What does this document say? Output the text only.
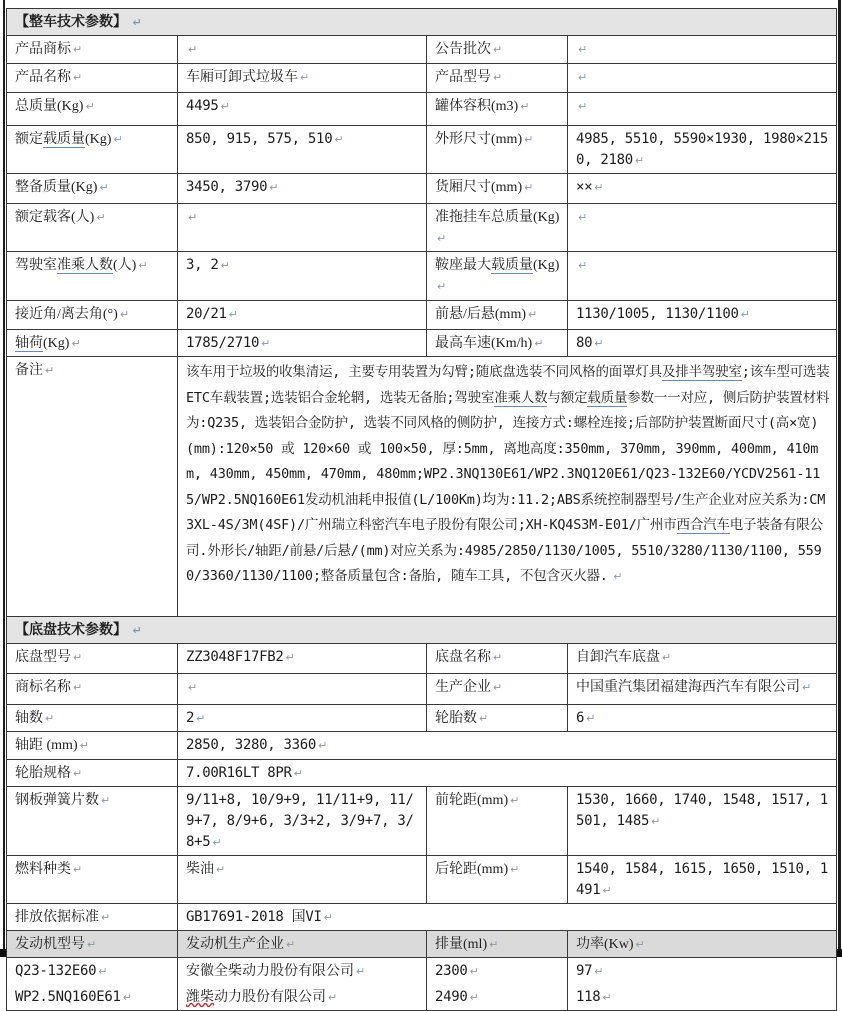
【整车技术参数】 ↵			
产品商标 ↵	↵	公告批次 ↵	↵
产品名称 ↵	车厢可卸式垃圾车 ↵	产品型号 ↵	↵
总质量(Kg) ↵	4495 ↵	罐体容积(m3) ↵	↵
额定载质量(Kg) ↵	850, 915, 575, 510 ↵	外形尺寸(mm) ↵	4985, 5510, 5590×1930, 1980×2150, 2180 ↵
整备质量(Kg) ↵	3450, 3790 ↵	货厢尺寸(mm) ↵	×× ↵
额定载客(人) ↵	↵	准拖挂车总质量(Kg)↵	↵
驾驶室准乘人数(人) ↵	3, 2 ↵	鞍座最大载质量(Kg)↵	↵
接近角/离去角(°) ↵	20/21 ↵	前悬/后悬(mm) ↵	1130/1005, 1130/1100 ↵
轴荷(Kg) ↵	1785/2710 ↵	最高车速(Km/h) ↵	80 ↵
备注 ↵	该车用于垃圾的收集清运, 主要专用装置为勾臂;随底盘选装不同风格的面罩灯具及排半驾驶室;该车型可选装ETC车载装置;选装铝合金轮辋, 选装无备胎;驾驶室准乘人数与额定载质量参数一一对应, 侧后防护装置材料为:Q235, 选装铝合金防护, 选装不同风格的侧防护, 连接方式:螺栓连接;后部防护装置断面尺寸(高×宽)(mm):120×50 或 120×60 或 100×50, 厚:5mm, 离地高度:350mm, 370mm, 390mm, 400mm, 410mm, 430mm, 450mm, 470mm, 480mm;WP2.3NQ130E61/WP2.3NQ120E61/Q23-132E60/YCDV2561-115/WP2.5NQ160E61发动机油耗申报值(L/100Km)均为:11.2;ABS系统控制器型号/生产企业对应关系为:CM3XL-4S/3M(4SF)/广州瑞立科密汽车电子股份有限公司;XH-KQ4S3M-E01/广州市西合汽车电子装备有限公司.外形长/轴距/前悬/后悬/(mm)对应关系为:4985/2850/1130/1005, 5510/3280/1130/1100, 5590/3360/1130/1100;整备质量包含:备胎, 随车工具, 不包含灭火器. ↵		
【底盘技术参数】 ↵			
底盘型号 ↵	ZZ3048F17FB2 ↵	底盘名称 ↵	自卸汽车底盘 ↵
商标名称 ↵	↵	生产企业 ↵	中国重汽集团福建海西汽车有限公司 ↵
轴数 ↵	2 ↵	轮胎数 ↵	6 ↵
轴距 (mm) ↵	2850, 3280, 3360 ↵		
轮胎规格 ↵	7.00R16LT 8PR ↵		
钢板弹簧片数 ↵	9/11+8, 10/9+9, 11/11+9, 11/9+7, 8/9+6, 3/3+2, 3/9+7, 3/8+5 ↵	前轮距(mm) ↵	1530, 1660, 1740, 1548, 1517, 1501, 1485 ↵
燃料种类 ↵	柴油 ↵	后轮距(mm) ↵	1540, 1584, 1615, 1650, 1510, 1491 ↵
排放依据标准 ↵	GB17691-2018 国VI ↵		
发动机型号 ↵	发动机生产企业 ↵	排量(ml) ↵	功率(Kw) ↵
Q23-132E60 ↵	安徽全柴动力股份有限公司 ↵	2300 ↵	97 ↵
WP2.5NQ160E61 ↵	潍柴动力股份有限公司 ↵	2490 ↵	118 ↵
